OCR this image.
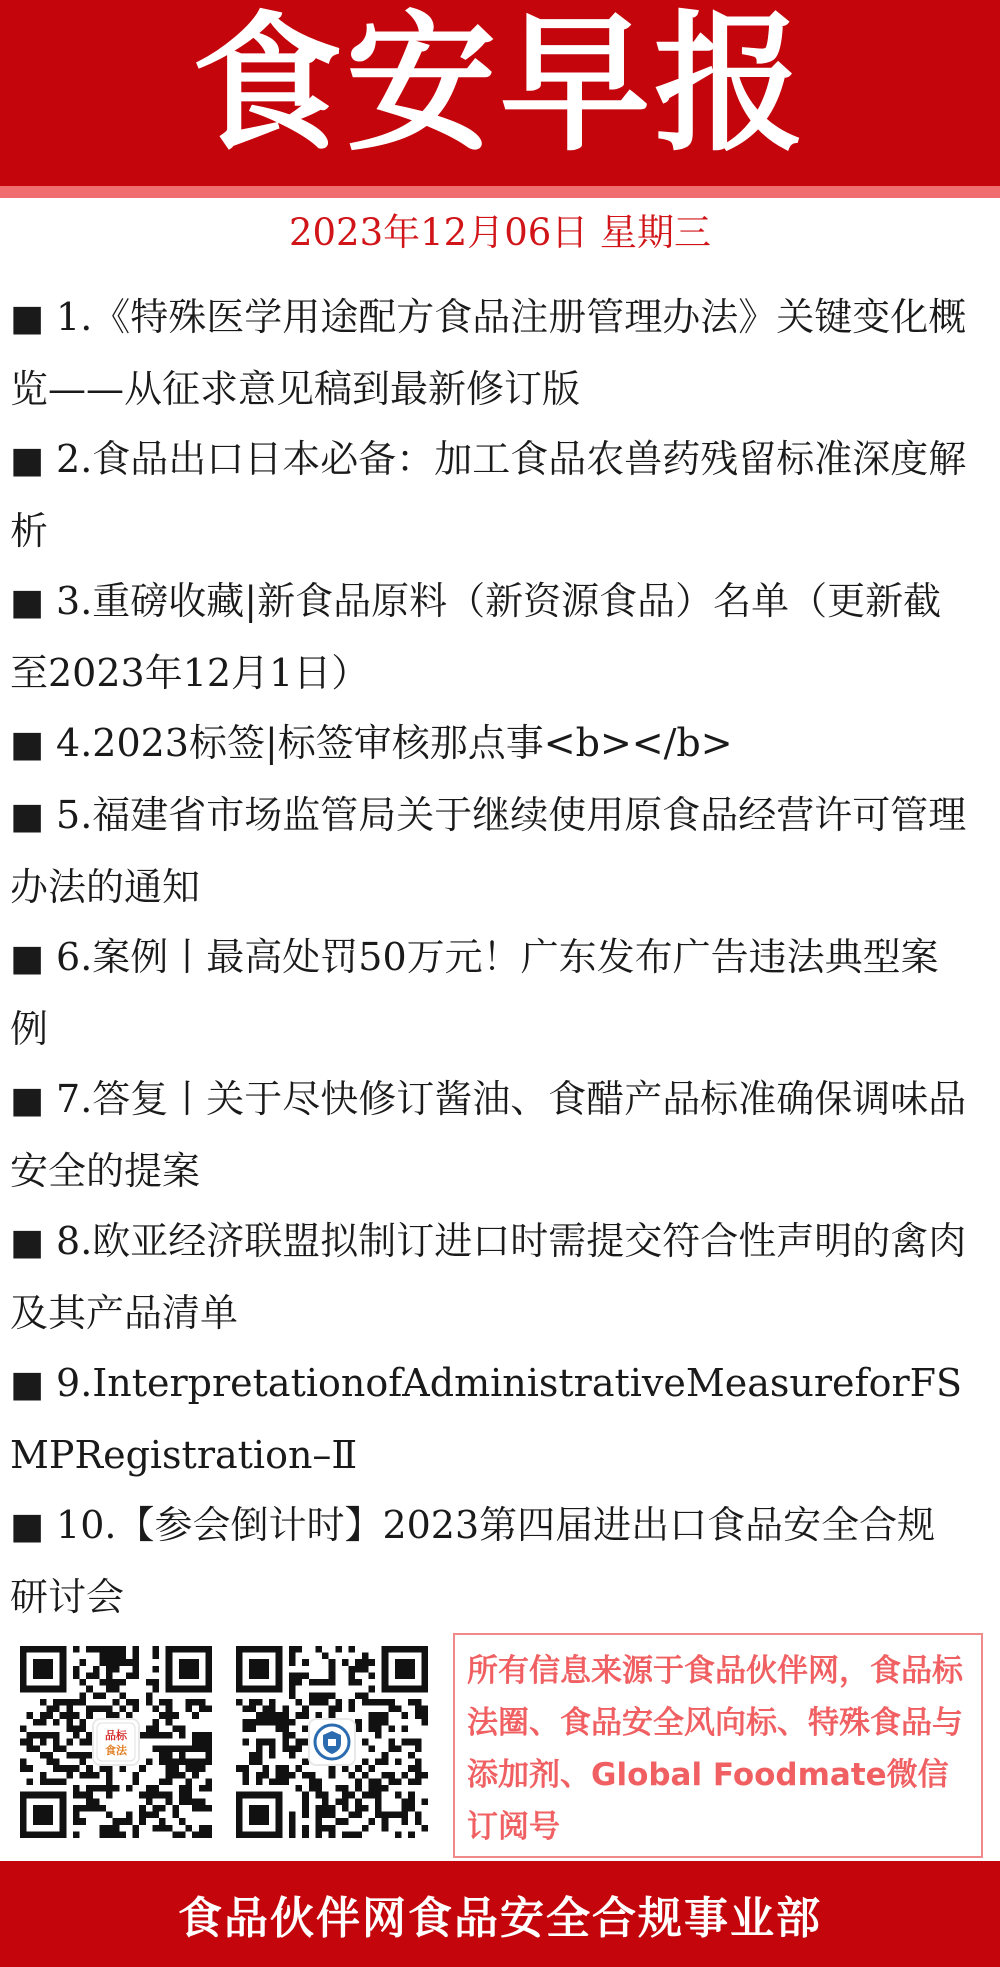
食安早报
2023年12月06日 星期三
■ 1.《特殊医学用途配方食品注册管理办法》关键变化概览——从征求意见稿到最新修订版
■ 2.食品出口日本必备：加工食品农兽药残留标准深度解析
■ 3.重磅收藏|新食品原料（新资源食品）名单（更新截至2023年12月1日）
■ 4.2023标签|标签审核那点事<b></b>
■ 5.福建省市场监管局关于继续使用原食品经营许可管理办法的通知
■ 6.案例丨最高处罚50万元！广东发布广告违法典型案例
■ 7.答复丨关于尽快修订酱油、食醋产品标准确保调味品安全的提案
■ 8.欧亚经济联盟拟制订进口时需提交符合性声明的禽肉及其产品清单
■ 9.InterpretationofAdministrativeMeasureforFSMPRegistration–Ⅱ
■ 10.【参会倒计时】2023第四届进出口食品安全合规研讨会
品标
食法
所有信息来源于食品伙伴网，食品标法圈、食品安全风向标、特殊食品与添加剂、Global Foodmate微信订阅号
食品伙伴网食品安全合规事业部
